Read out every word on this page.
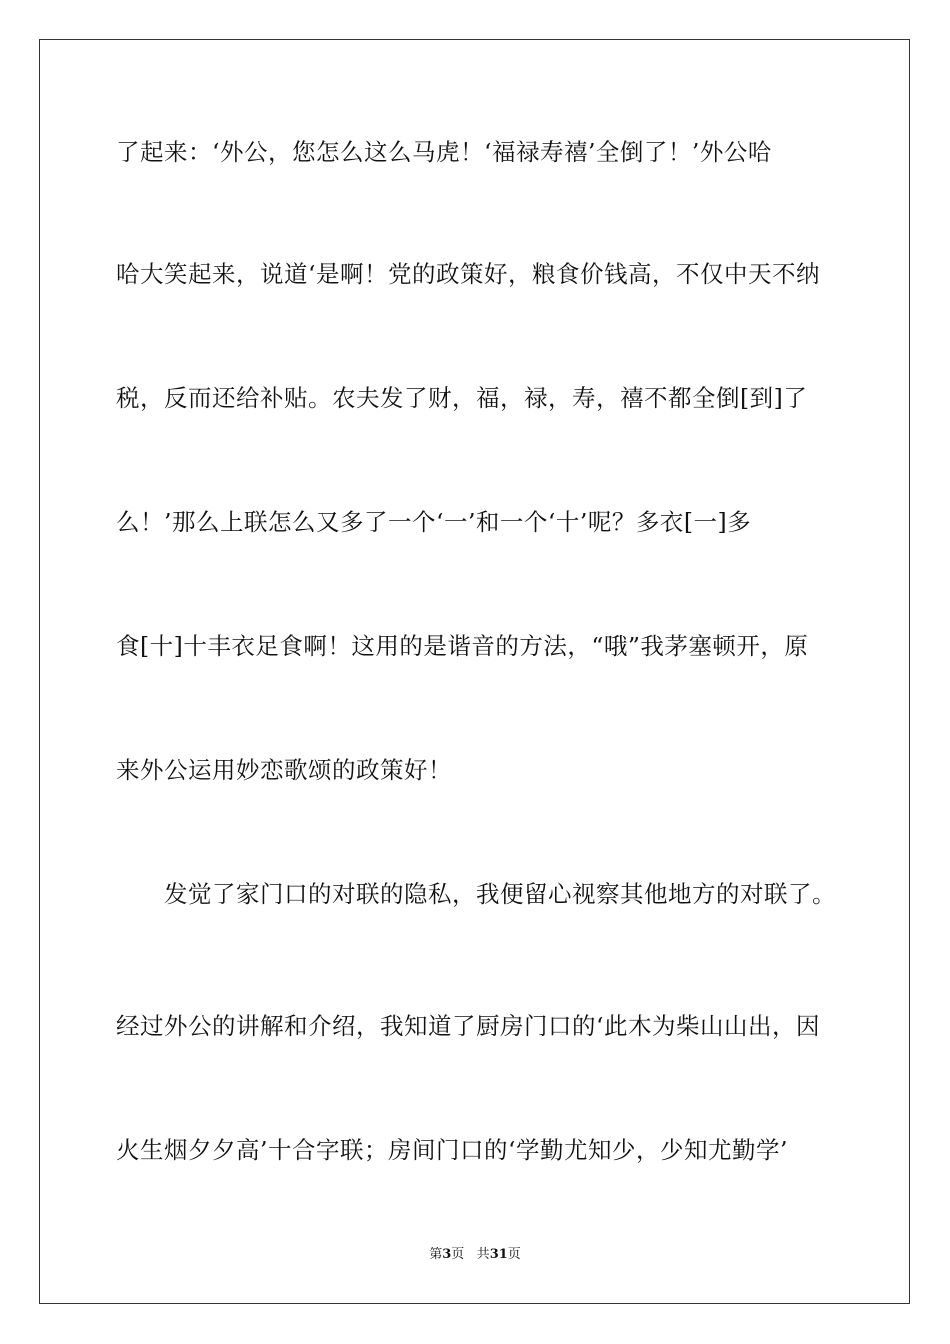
了起来：‘外公，您怎么这么马虎！‘福禄寿禧’全倒了！’外公哈
哈大笑起来，说道‘是啊！党的政策好，粮食价钱高，不仅中天不纳
税，反而还给补贴。农夫发了财，福，禄，寿，禧不都全倒[到]了
么！’那么上联怎么又多了一个‘一’和一个‘十’呢？多衣[一]多
食[十]十丰衣足食啊！这用的是谐音的方法，“哦”我茅塞顿开，原
来外公运用妙恋歌颂的政策好！
　　发觉了家门口的对联的隐私，我便留心视察其他地方的对联了。
经过外公的讲解和介绍，我知道了厨房门口的‘此木为柴山山出，因
火生烟夕夕高’十合字联；房间门口的‘学勤尤知少，少知尤勤学’
第3页 共31页
